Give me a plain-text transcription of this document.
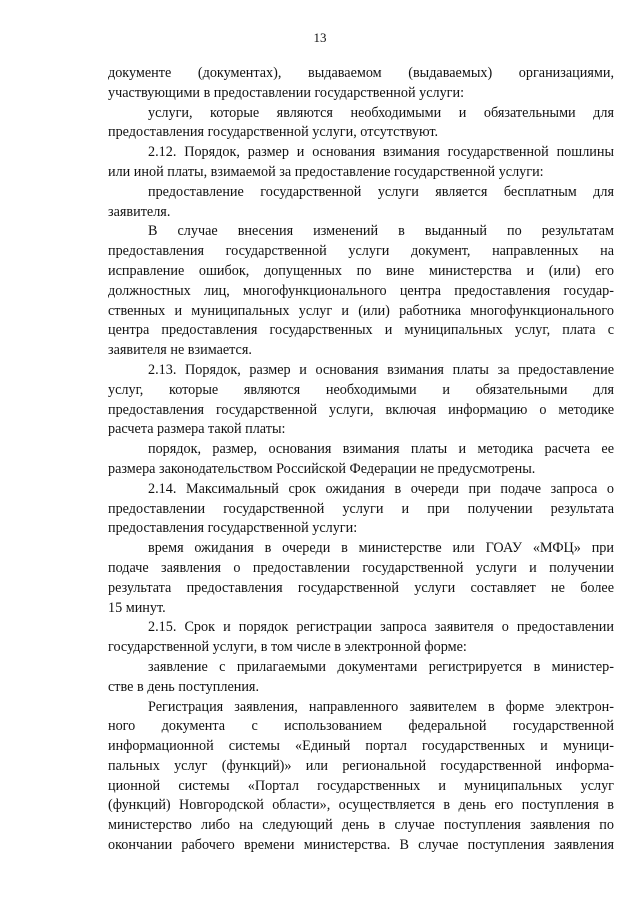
13
документе (документах), выдаваемом (выдаваемых) организациями,
участвующими в предоставлении государственной услуги:
услуги, которые являются необходимыми и обязательными для
предоставления государственной услуги, отсутствуют.
2.12. Порядок, размер и основания взимания государственной пошлины
или иной платы, взимаемой за предоставление государственной услуги:
предоставление государственной услуги является бесплатным для
заявителя.
В случае внесения изменений в выданный по результатам
предоставления государственной услуги документ, направленных на
исправление ошибок, допущенных по вине министерства и (или) его
должностных лиц, многофункционального центра предоставления государ-
ственных и муниципальных услуг и (или) работника многофункционального
центра предоставления государственных и муниципальных услуг, плата с
заявителя не взимается.
2.13. Порядок, размер и основания взимания платы за предоставление
услуг, которые являются необходимыми и обязательными для
предоставления государственной услуги, включая информацию о методике
расчета размера такой платы:
порядок, размер, основания взимания платы и методика расчета ее
размера законодательством Российской Федерации не предусмотрены.
2.14. Максимальный срок ожидания в очереди при подаче запроса о
предоставлении государственной услуги и при получении результата
предоставления государственной услуги:
время ожидания в очереди в министерстве или ГОАУ «МФЦ» при
подаче заявления о предоставлении государственной услуги и получении
результата предоставления государственной услуги составляет не более
15 минут.
2.15. Срок и порядок регистрации запроса заявителя о предоставлении
государственной услуги, в том числе в электронной форме:
заявление с прилагаемыми документами регистрируется в министер-
стве в день поступления.
Регистрация заявления, направленного заявителем в форме электрон-
ного документа с использованием федеральной государственной
информационной системы «Единый портал государственных и муници-
пальных услуг (функций)» или региональной государственной информа-
ционной системы «Портал государственных и муниципальных услуг
(функций) Новгородской области», осуществляется в день его поступления в
министерство либо на следующий день в случае поступления заявления по
окончании рабочего времени министерства. В случае поступления заявления
